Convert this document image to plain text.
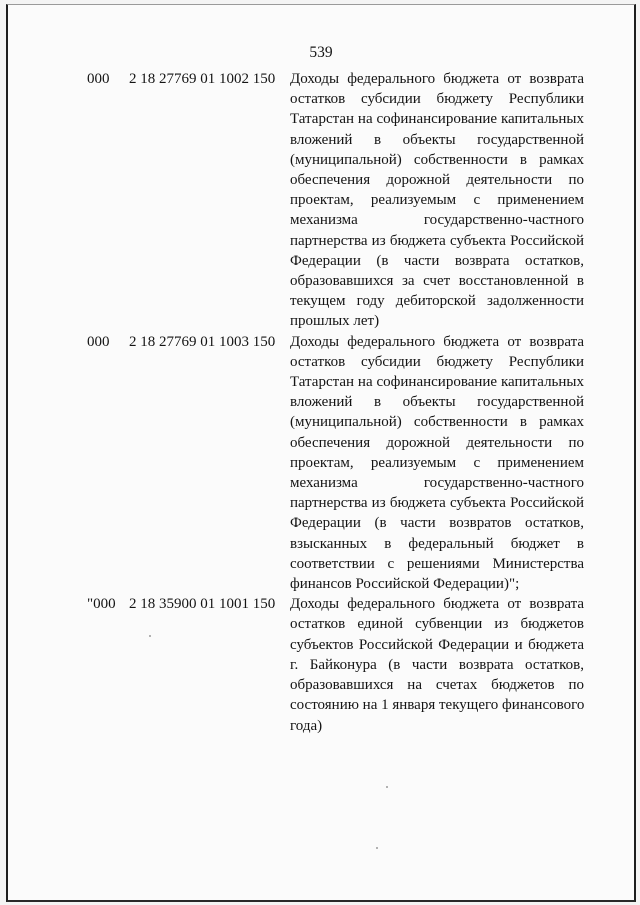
539
000 2 18 27769 01 1002 150 Доходы федерального бюджета от возврата
остатков субсидии бюджету Республики
Татарстан на софинансирование капитальных
вложений в объекты государственной
(муниципальной) собственности в рамках
обеспечения дорожной деятельности по
проектам, реализуемым с применением
механизма государственно-частного
партнерства из бюджета субъекта Российской
Федерации (в части возврата остатков,
образовавшихся за счет восстановленной в
текущем году дебиторской задолженности
прошлых лет)
000 2 18 27769 01 1003 150 Доходы федерального бюджета от возврата
остатков субсидии бюджету Республики
Татарстан на софинансирование капитальных
вложений в объекты государственной
(муниципальной) собственности в рамках
обеспечения дорожной деятельности по
проектам, реализуемым с применением
механизма государственно-частного
партнерства из бюджета субъекта Российской
Федерации (в части возвратов остатков,
взысканных в федеральный бюджет в
соответствии с решениями Министерства
финансов Российской Федерации)";
"000 2 18 35900 01 1001 150 Доходы федерального бюджета от возврата
остатков единой субвенции из бюджетов
субъектов Российской Федерации и бюджета
г. Байконура (в части возврата остатков,
образовавшихся на счетах бюджетов по
состоянию на 1 января текущего финансового
года)
